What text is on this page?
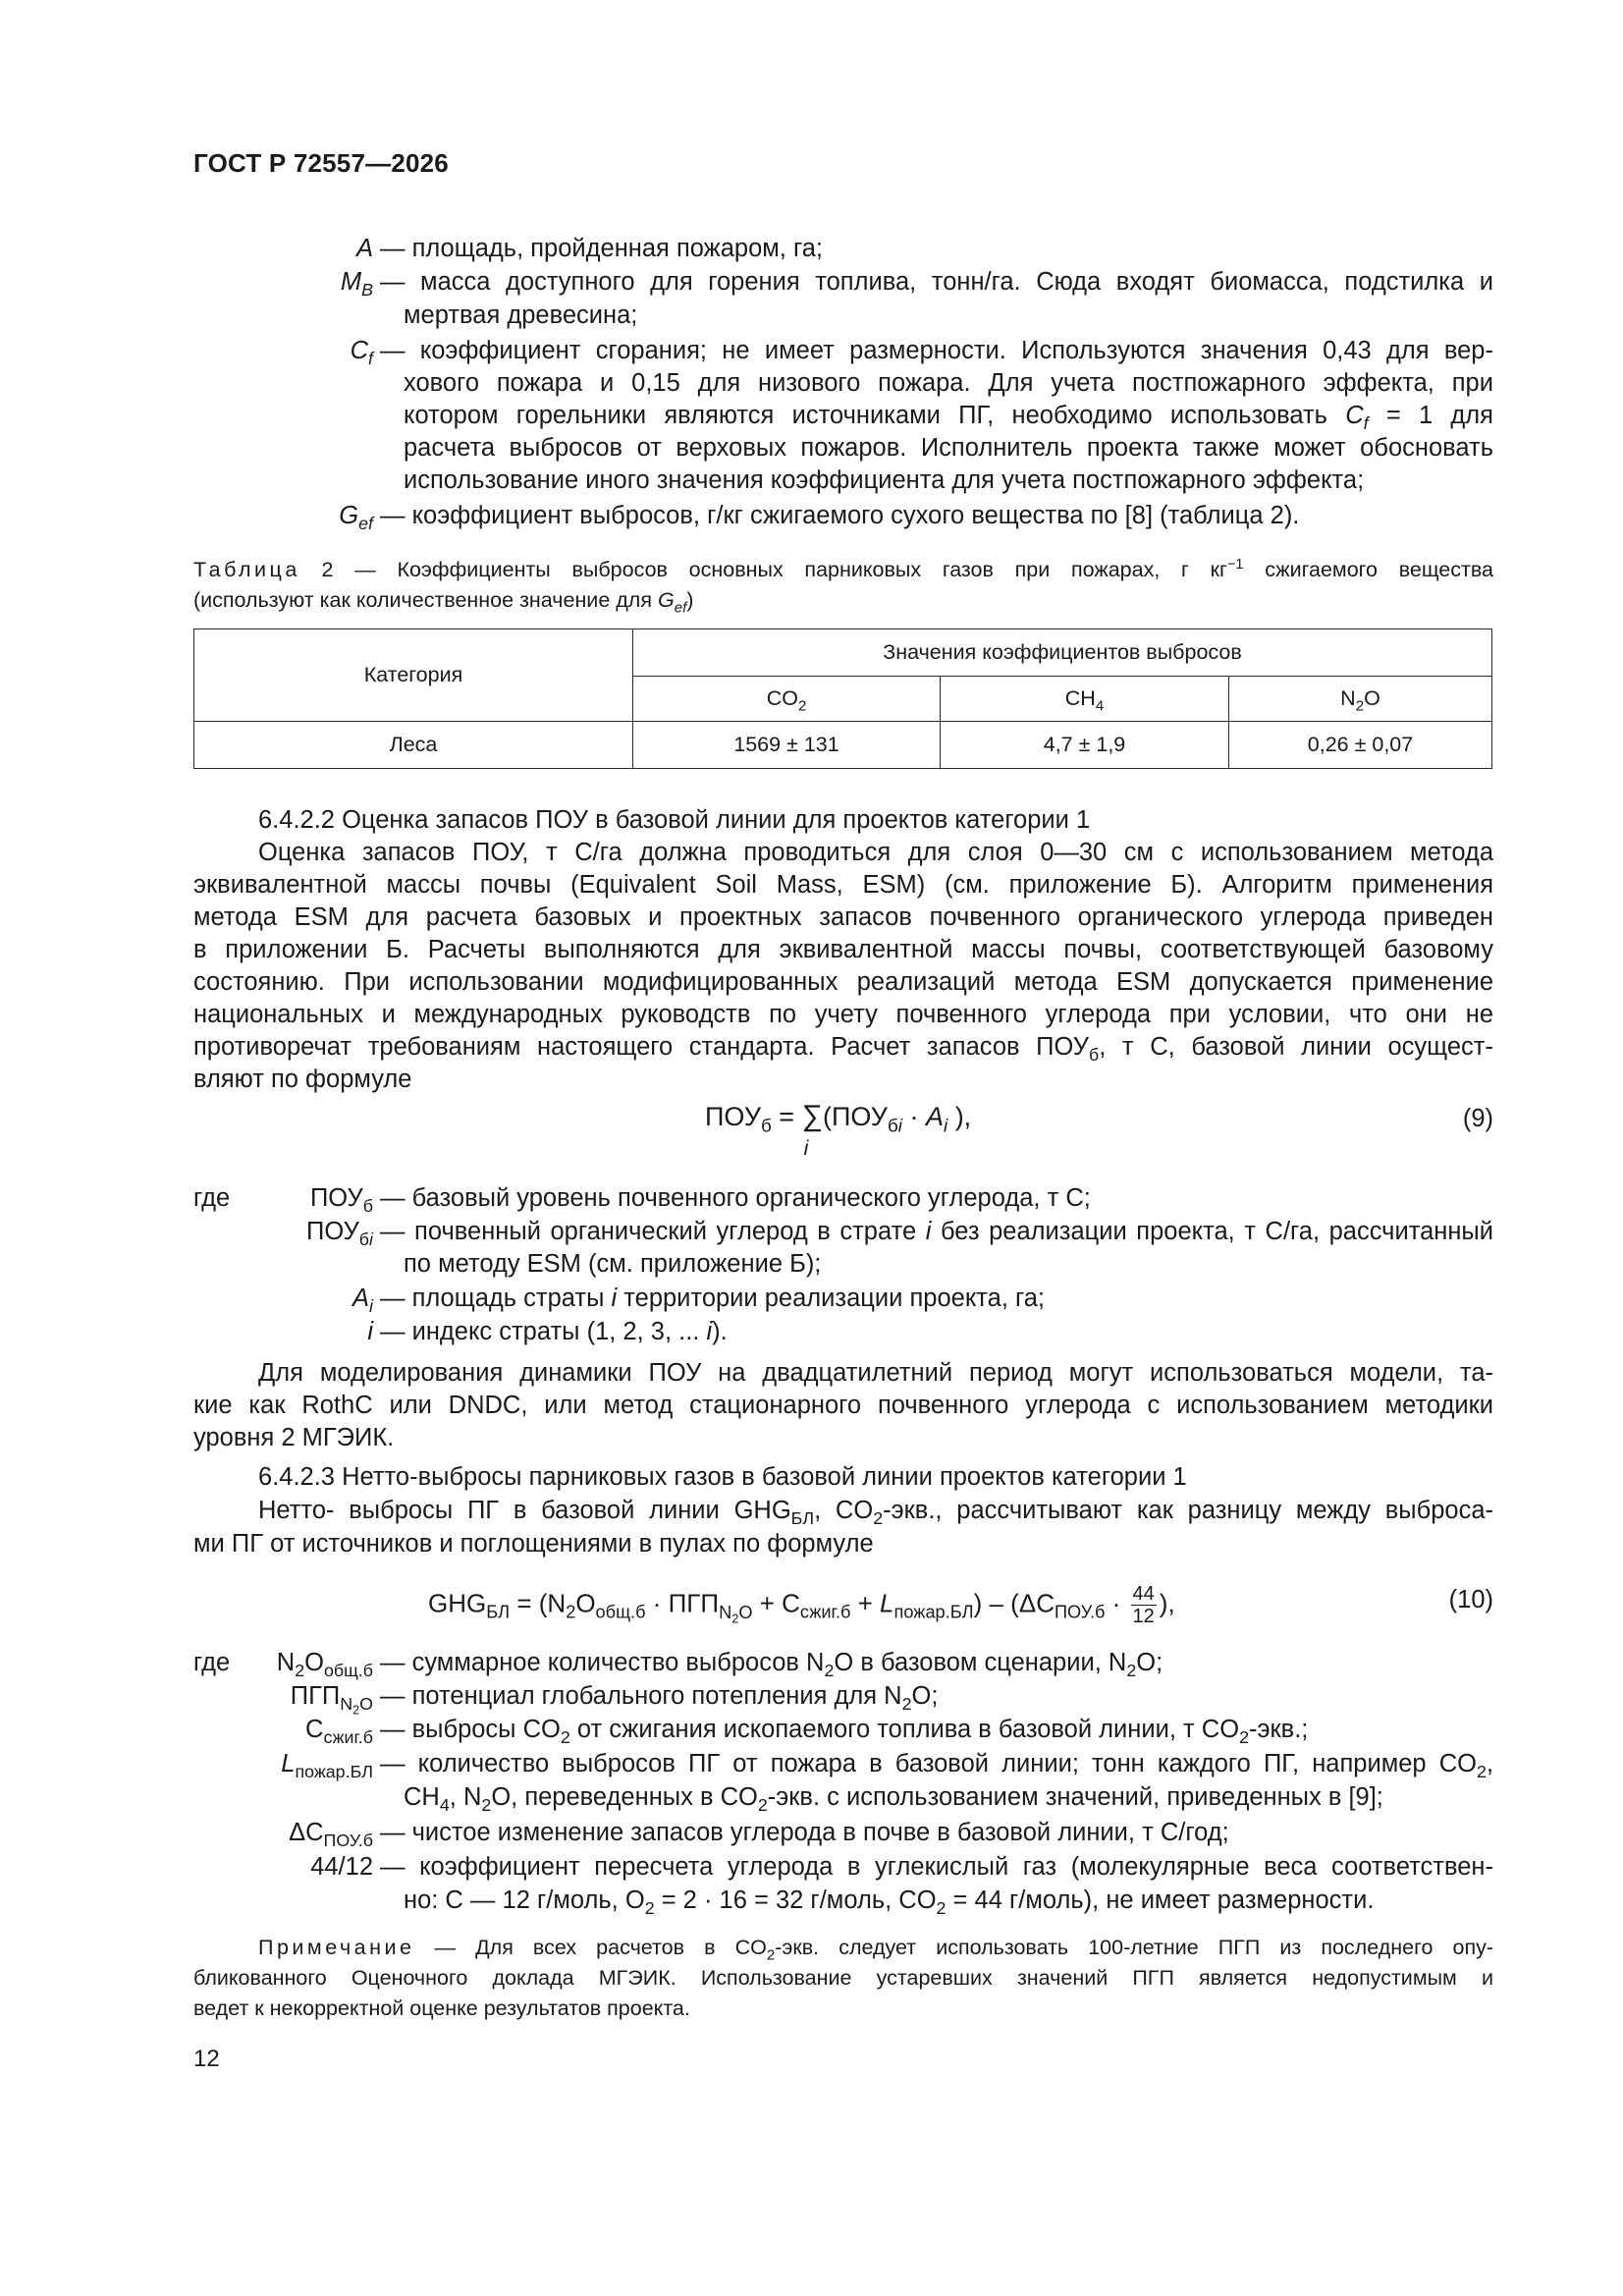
ГОСТ Р 72557—2026
A — площадь, пройденная пожаром, га;
$M_B$ — масса доступного для горения топлива, тонн/га. Сюда входят биомасса, подстилка и
мертвая древесина;
$C_f$ — коэффициент сгорания; не имеет размерности. Используются значения 0,43 для вер-
хового пожара и 0,15 для низового пожара. Для учета постпожарного эффекта, при
котором горельники являются источниками ПГ, необходимо использовать $C_f = 1$ для
расчета выбросов от верховых пожаров. Исполнитель проекта также может обосновать
использование иного значения коэффициента для учета постпожарного эффекта;
$G_{ef}$ — коэффициент выбросов, г/кг сжигаемого сухого вещества по [8] (таблица 2).
Таблица 2 — Коэффициенты выбросов основных парниковых газов при пожарах, г $кг^{-1}$ сжигаемого вещества
(используют как количественное значение для $G_{ef}$)
Категория	Значения коэффициентов выбросов		
	$CO_2$	$CH_4$	$N_2O$
Леса	1569 ± 131	4,7 ± 1,9	0,26 ± 0,07
6.4.2.2 Оценка запасов ПОУ в базовой линии для проектов категории 1
Оценка запасов ПОУ, т С/га должна проводиться для слоя 0—30 см с использованием метода
эквивалентной массы почвы (Equivalent Soil Mass, ESM) (см. приложение Б). Алгоритм применения
метода ESM для расчета базовых и проектных запасов почвенного органического углерода приведен
в приложении Б. Расчеты выполняются для эквивалентной массы почвы, соответствующей базовому
состоянию. При использовании модифицированных реализаций метода ESM допускается применение
национальных и международных руководств по учету почвенного углерода при условии, что они не
противоречат требованиям настоящего стандарта. Расчет запасов $ПОУ_б$, т С, базовой линии осущест-
вляют по формуле
$ПОУ_б$ = ∑
i
($ПОУ_{бi} \cdot A_i$ ),	(9)
где	$ПОУ_б$ — базовый уровень почвенного органического углерода, т С;
$ПОУ_{бi}$ — почвенный органический углерод в страте i без реализации проекта, т С/га, рассчитанный
по методу ESM (см. приложение Б);
$A_i$ — площадь страты i территории реализации проекта, га;
i — индекс страты (1, 2, 3, ... i).
Для моделирования динамики ПОУ на двадцатилетний период могут использоваться модели, та-
кие как RothC или DNDC, или метод стационарного почвенного углерода с использованием методики
уровня 2 МГЭИК.
6.4.2.3 Нетто-выбросы парниковых газов в базовой линии проектов категории 1
Нетто- выбросы ПГ в базовой линии $GHG_{БЛ}$, $CO_2$-экв., рассчитывают как разницу между выброса-
ми ПГ от источников и поглощениями в пулах по формуле
$GHG_{БЛ} = (N_2O_{общ.б} \cdot ПГП_{N_2O} + C_{сжиг.б} + L_{пожар.БЛ}) - (\Delta C_{ПОУ.б} \cdot \frac{44}{12}$ ),	(10)
где	$N_2O_{общ.б}$ — суммарное количество выбросов $N_2O$ в базовом сценарии, $N_2O$;
$ПГП_{N_2O}$ — потенциал глобального потепления для $N_2O$;
$C_{сжиг.б}$ — выбросы $CO_2$ от сжигания ископаемого топлива в базовой линии, т $CO_2$-экв.;
$L_{пожар.БЛ}$ — количество выбросов ПГ от пожара в базовой линии; тонн каждого ПГ, например $CO_2$,
$CH_4$, $N_2O$, переведенных в $CO_2$-экв. с использованием значений, приведенных в [9];
$\Delta C_{ПОУ.б}$ — чистое изменение запасов углерода в почве в базовой линии, т С/год;
44/12 — коэффициент пересчета углерода в углекислый газ (молекулярные веса соответствен-
но: С — 12 г/моль, $O_2 = 2 \cdot 16 = 32$ г/моль, $CO_2 = 44$ г/моль), не имеет размерности.
Примечание — Для всех расчетов в $CO_2$-экв. следует использовать 100-летние ПГП из последнего опу-
бликованного Оценочного доклада МГЭИК. Использование устаревших значений ПГП является недопустимым и
ведет к некорректной оценке результатов проекта.
12
